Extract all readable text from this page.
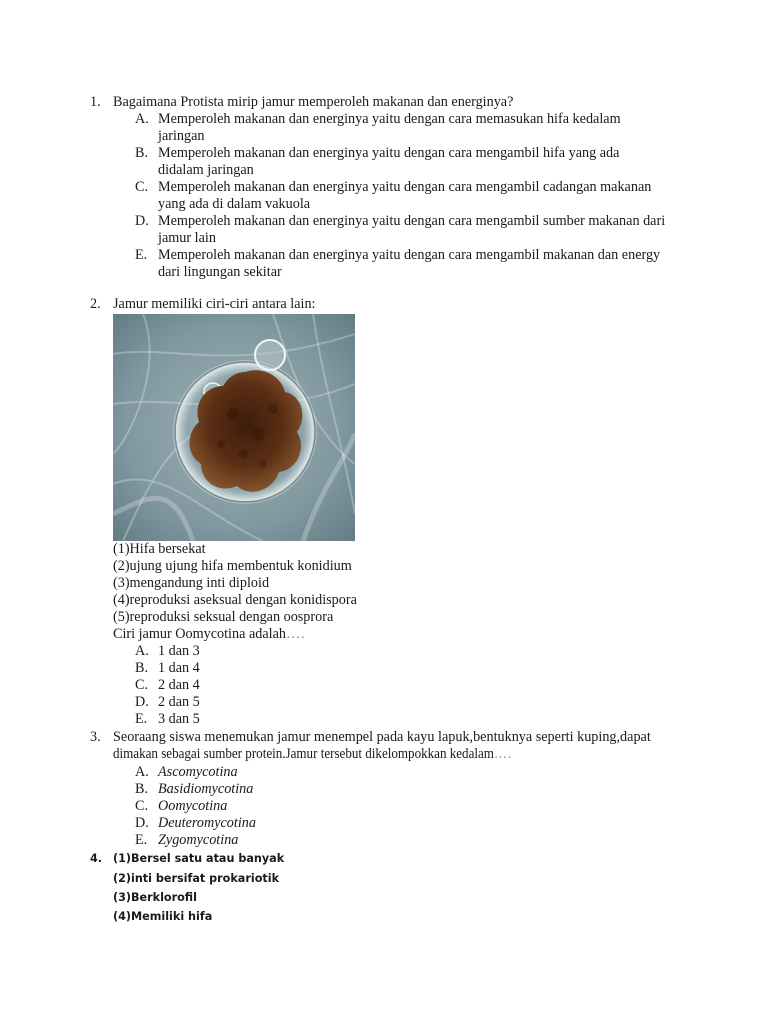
1. Bagaimana Protista mirip jamur memperoleh makanan dan energinya?
A. Memperoleh makanan dan energinya yaitu dengan cara memasukan hifa kedalam
jaringan
B. Memperoleh makanan dan energinya yaitu dengan cara mengambil hifa yang ada
didalam jaringan
C. Memperoleh makanan dan energinya yaitu dengan cara mengambil cadangan makanan
yang ada di dalam vakuola
D. Memperoleh makanan dan energinya yaitu dengan cara mengambil sumber makanan dari
jamur lain
E. Memperoleh makanan dan energinya yaitu dengan cara mengambil makanan dan energy
dari lingungan sekitar
2. Jamur memiliki ciri-ciri antara lain:
(1)Hifa bersekat
(2)ujung ujung hifa membentuk konidium
(3)mengandung inti diploid
(4)reproduksi aseksual dengan konidispora
(5)reproduksi seksual dengan oosprora
Ciri jamur Oomycotina adalah….
A. 1 dan 3
B. 1 dan 4
C. 2 dan 4
D. 2 dan 5
E. 3 dan 5
3. Seoraang siswa menemukan jamur menempel pada kayu lapuk,bentuknya seperti kuping,dapat
dimakan sebagai sumber protein.Jamur tersebut dikelompokkan kedalam….
A. Ascomycotina
B. Basidiomycotina
C. Oomycotina
D. Deuteromycotina
E. Zygomycotina
4. (1)Bersel satu atau banyak
(2)inti bersifat prokariotik
(3)Berklorofil
(4)Memiliki hifa
